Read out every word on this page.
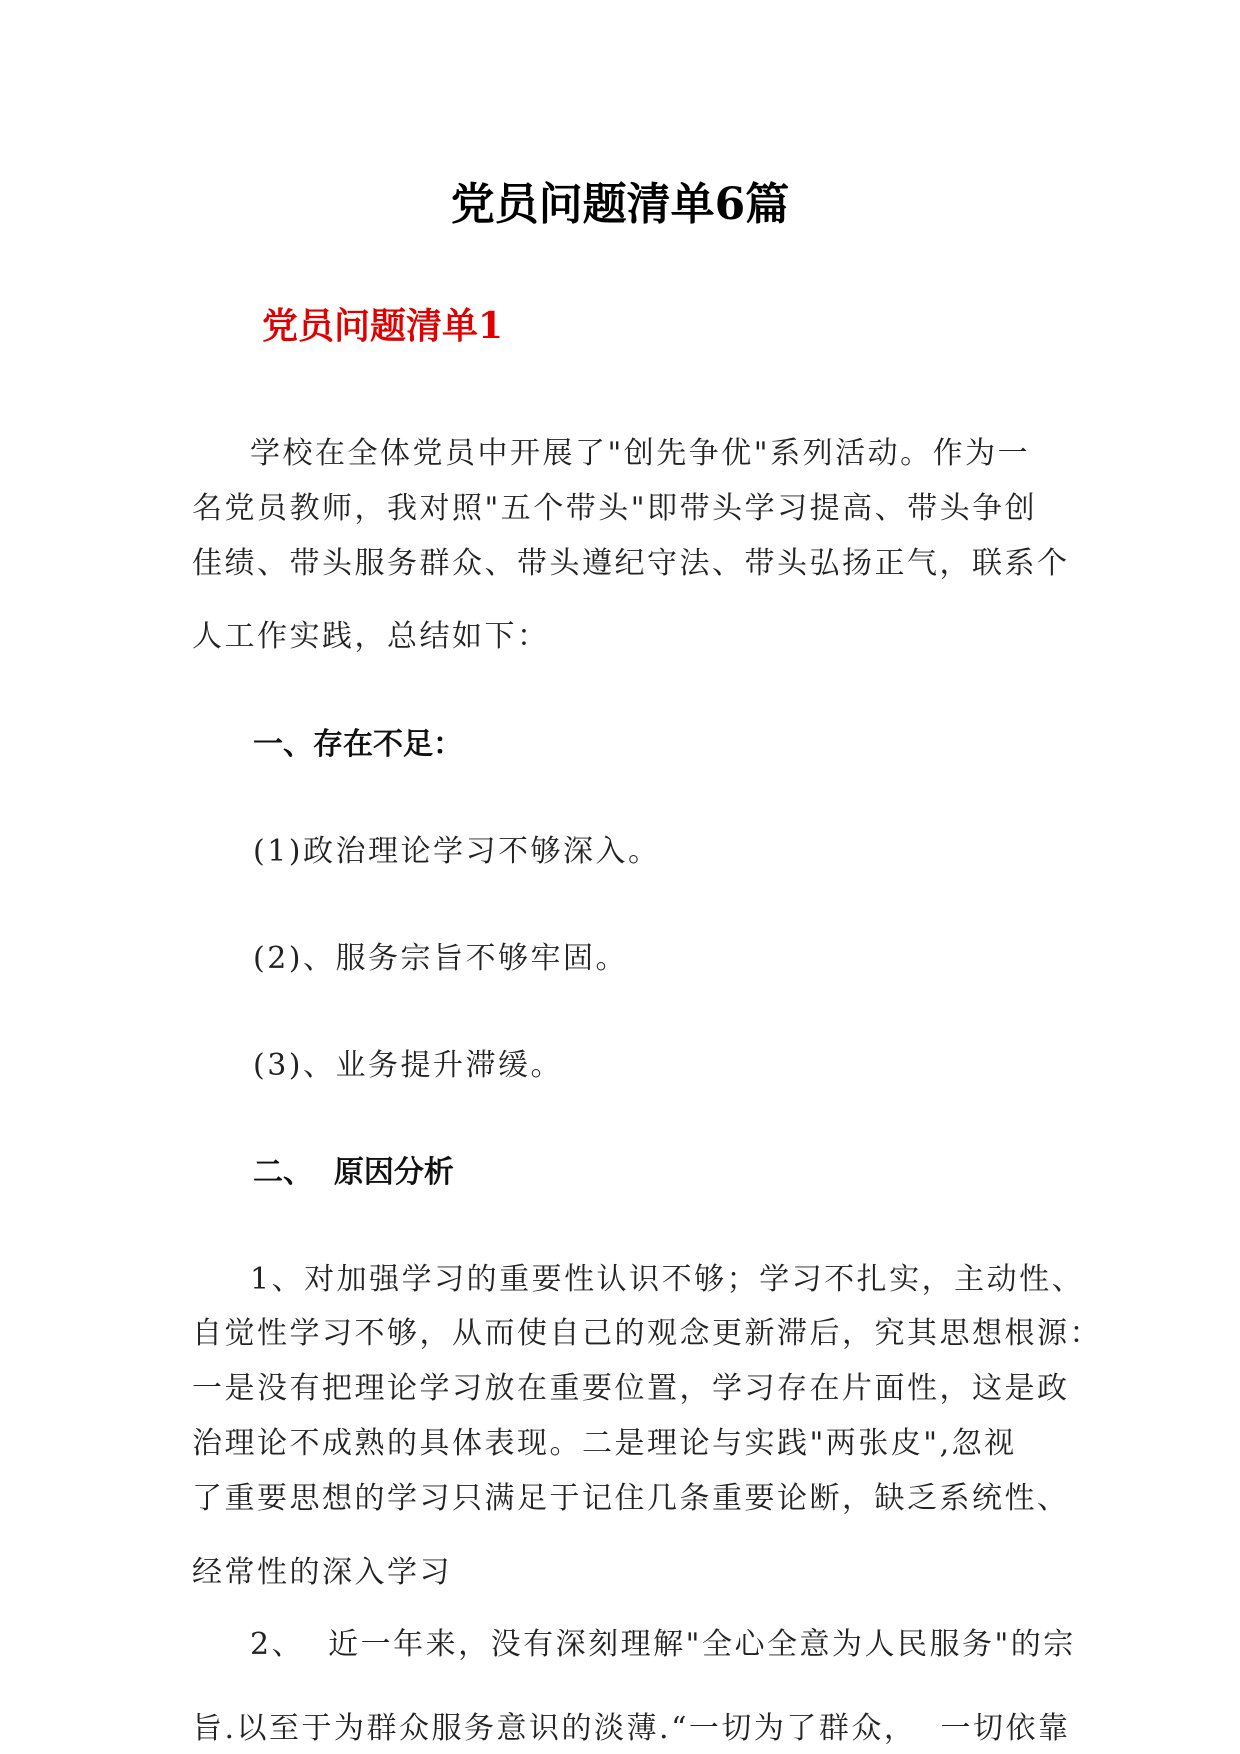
党员问题清单6篇
党员问题清单1
学校在全体党员中开展了"创先争优"系列活动。作为一
名党员教师，我对照"五个带头"即带头学习提高、带头争创
佳绩、带头服务群众、带头遵纪守法、带头弘扬正气，联系个
人工作实践，总结如下：
一、存在不足：
(1)政治理论学习不够深入。
(2)、服务宗旨不够牢固。
(3)、业务提升滞缓。
二、  原因分析
1、对加强学习的重要性认识不够；学习不扎实，主动性、
自觉性学习不够，从而使自己的观念更新滞后，究其思想根源：
一是没有把理论学习放在重要位置，学习存在片面性，这是政
治理论不成熟的具体表现。二是理论与实践"两张皮",忽视
了重要思想的学习只满足于记住几条重要论断，缺乏系统性、
经常性的深入学习
2、  近一年来，没有深刻理解"全心全意为人民服务"的宗
旨.以至于为群众服务意识的淡薄.“一切为了群众，  一切依靠
